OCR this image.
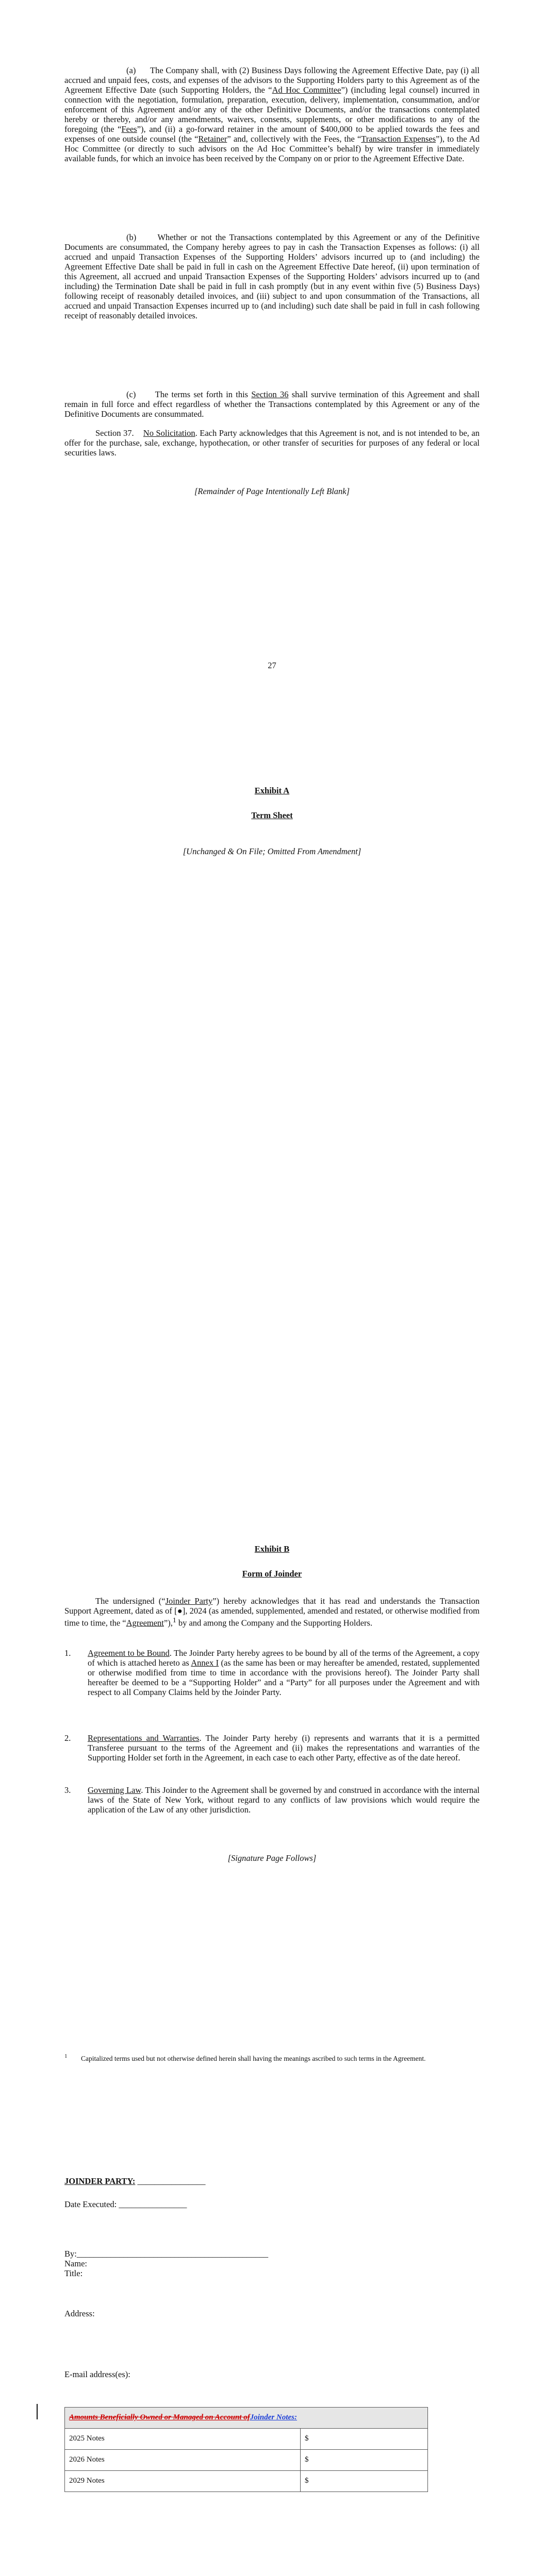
(a) The Company shall, with (2) Business Days following the Agreement Effective Date, pay (i) all accrued and unpaid fees, costs, and expenses of the advisors to the Supporting Holders party to this Agreement as of the Agreement Effective Date (such Supporting Holders, the “Ad Hoc Committee”) (including legal counsel) incurred in connection with the negotiation, formulation, preparation, execution, delivery, implementation, consummation, and/or enforcement of this Agreement and/or any of the other Definitive Documents, and/or the transactions contemplated hereby or thereby, and/or any amendments, waivers, consents, supplements, or other modifications to any of the foregoing (the “Fees”), and (ii) a go-forward retainer in the amount of $400,000 to be applied towards the fees and expenses of one outside counsel (the “Retainer” and, collectively with the Fees, the “Transaction Expenses”), to the Ad Hoc Committee (or directly to such advisors on the Ad Hoc Committee’s behalf) by wire transfer in immediately available funds, for which an invoice has been received by the Company on or prior to the Agreement Effective Date.
(b) Whether or not the Transactions contemplated by this Agreement or any of the Definitive Documents are consummated, the Company hereby agrees to pay in cash the Transaction Expenses as follows: (i) all accrued and unpaid Transaction Expenses of the Supporting Holders’ advisors incurred up to (and including) the Agreement Effective Date shall be paid in full in cash on the Agreement Effective Date hereof, (ii) upon termination of this Agreement, all accrued and unpaid Transaction Expenses of the Supporting Holders’ advisors incurred up to (and including) the Termination Date shall be paid in full in cash promptly (but in any event within five (5) Business Days) following receipt of reasonably detailed invoices, and (iii) subject to and upon consummation of the Transactions, all accrued and unpaid Transaction Expenses incurred up to (and including) such date shall be paid in full in cash following receipt of reasonably detailed invoices.
(c) The terms set forth in this Section 36 shall survive termination of this Agreement and shall remain in full force and effect regardless of whether the Transactions contemplated by this Agreement or any of the Definitive Documents are consummated.
Section 37. No Solicitation. Each Party acknowledges that this Agreement is not, and is not intended to be, an offer for the purchase, sale, exchange, hypothecation, or other transfer of securities for purposes of any federal or local securities laws.
[Remainder of Page Intentionally Left Blank]
27
Exhibit A
Term Sheet
[Unchanged & On File; Omitted From Amendment]
Exhibit B
Form of Joinder
The undersigned (“Joinder Party”) hereby acknowledges that it has read and understands the Transaction Support Agreement, dated as of [●], 2024 (as amended, supplemented, amended and restated, or otherwise modified from time to time, the “Agreement”),$^1$ by and among the Company and the Supporting Holders.
1. Agreement to be Bound. The Joinder Party hereby agrees to be bound by all of the terms of the Agreement, a copy of which is attached hereto as Annex I (as the same has been or may hereafter be amended, restated, supplemented or otherwise modified from time to time in accordance with the provisions hereof). The Joinder Party shall hereafter be deemed to be a “Supporting Holder” and a “Party” for all purposes under the Agreement and with respect to all Company Claims held by the Joinder Party.
2. Representations and Warranties. The Joinder Party hereby (i) represents and warrants that it is a permitted Transferee pursuant to the terms of the Agreement and (ii) makes the representations and warranties of the Supporting Holder set forth in the Agreement, in each case to each other Party, effective as of the date hereof.
3. Governing Law. This Joinder to the Agreement shall be governed by and construed in accordance with the internal laws of the State of New York, without regard to any conflicts of law provisions which would require the application of the Law of any other jurisdiction.
[Signature Page Follows]
1 Capitalized terms used but not otherwise defined herein shall having the meanings ascribed to such terms in the Agreement.
JOINDER PARTY: ________________
Date Executed: ________________
By:_____________________________________________
Name:
Title:
Address:
E-mail address(es):
Amounts Beneficially Owned or Managed on Account ofJoinder Notes:	
2025 Notes	$
2026 Notes	$
2029 Notes	$
